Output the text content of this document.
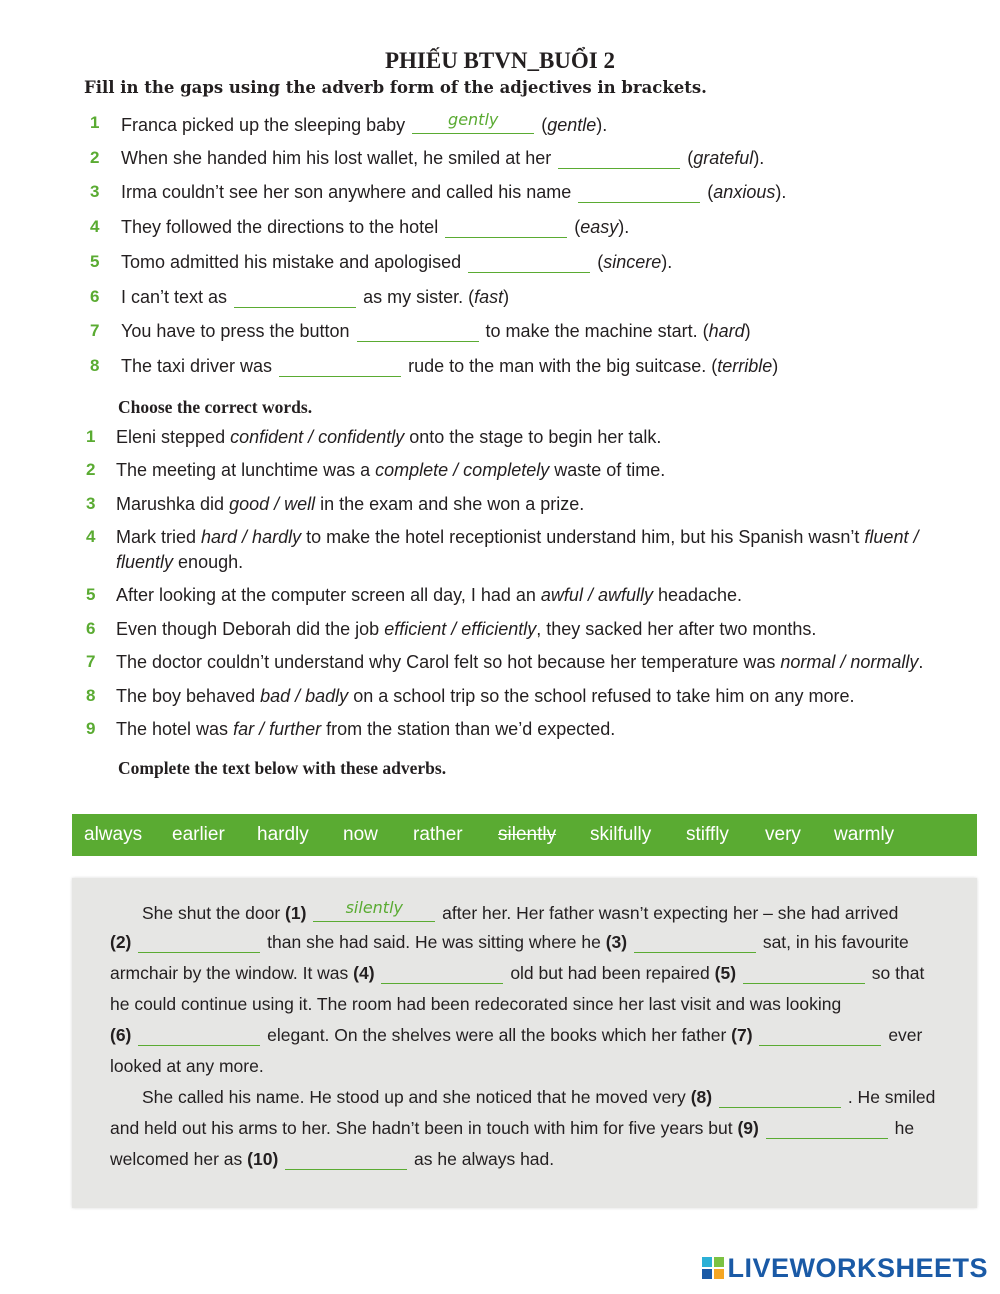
PHIẾU BTVN_BUỔI 2
Fill in the gaps using the adverb form of the adjectives in brackets.
1 Franca picked up the sleeping baby	gently	(gentle).
2 When she handed him his lost wallet, he smiled at her	(grateful).
3 Irma couldn’t see her son anywhere and called his name	(anxious).
4 They followed the directions to the hotel	(easy).
5 Tomo admitted his mistake and apologised	(sincere).
6 I can’t text as	as my sister. (fast)
7 You have to press the button	to make the machine start. (hard)
8 The taxi driver was	rude to the man with the big suitcase. (terrible)
Choose the correct words.
1 Eleni stepped confident / confidently onto the stage to begin her talk.
2 The meeting at lunchtime was a complete / completely waste of time.
3 Marushka did good / well in the exam and she won a prize.
4 Mark tried hard / hardly to make the hotel receptionist understand him, but his Spanish wasn’t fluent /
fluently enough.
5 After looking at the computer screen all day, I had an awful / awfully headache.
6 Even though Deborah did the job efficient / efficiently, they sacked her after two months.
7 The doctor couldn’t understand why Carol felt so hot because her temperature was normal / normally.
8 The boy behaved bad / badly on a school trip so the school refused to take him on any more.
9 The hotel was far / further from the station than we’d expected.
Complete the text below with these adverbs.
always earlier hardly now rather silently skilfully stiffly very warmly
She shut the door (1)	silently	after her. Her father wasn’t expecting her – she had arrived
(2)	than she had said. He was sitting where he (3)	sat, in his favourite
armchair by the window. It was (4)	old but had been repaired (5)	so that
he could continue using it. The room had been redecorated since her last visit and was looking
(6)	elegant. On the shelves were all the books which her father (7)	ever
looked at any more.
She called his name. He stood up and she noticed that he moved very (8)	. He smiled
and held out his arms to her. She hadn’t been in touch with him for five years but (9)	he
welcomed her as (10)	as he always had.
LIVEWORKSHEETS
